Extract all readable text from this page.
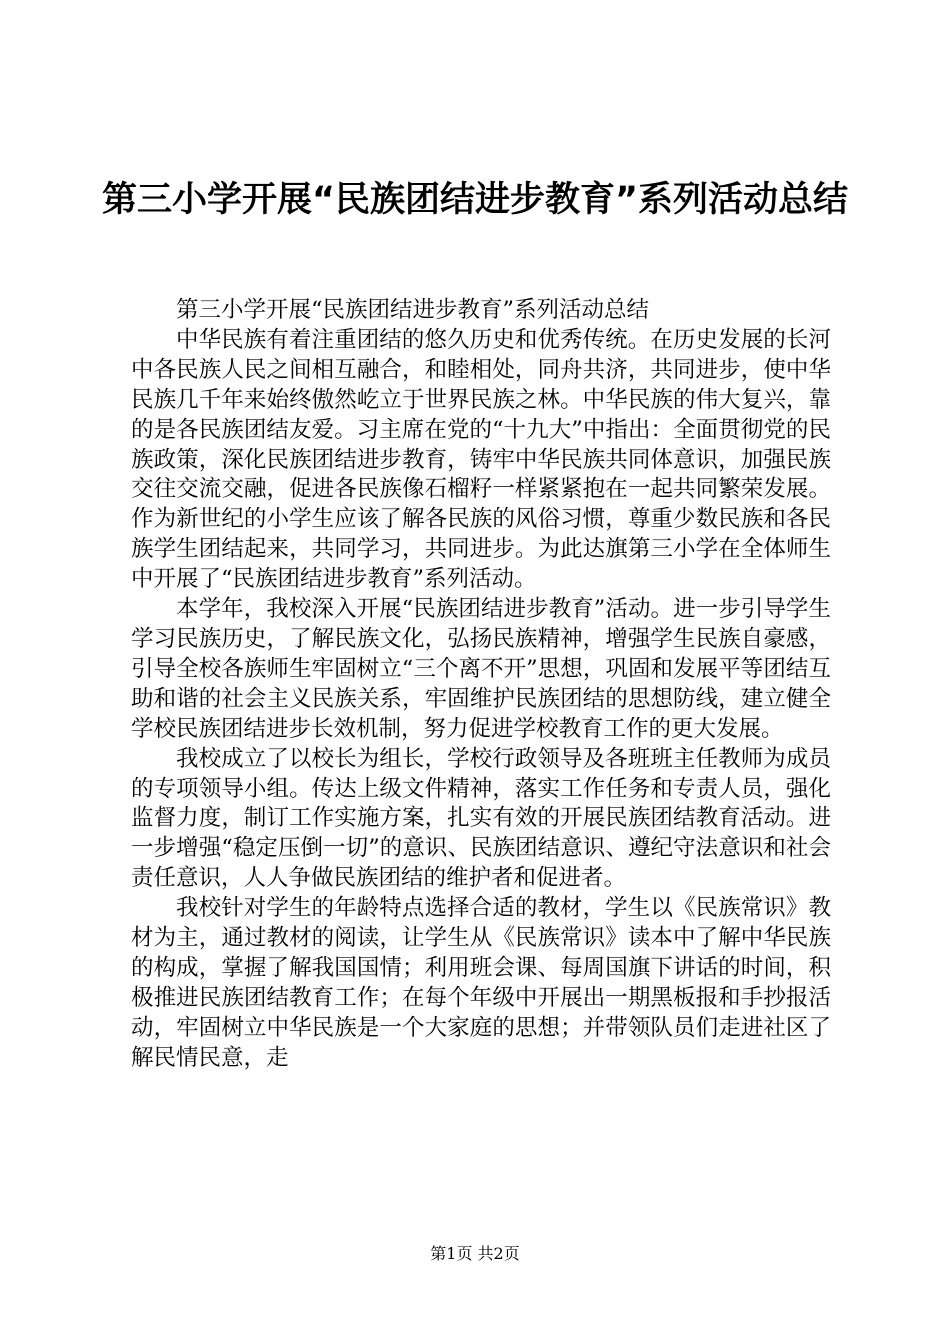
第三小学开展“民族团结进步教育”系列活动总结

第三小学开展“民族团结进步教育”系列活动总结

中华民族有着注重团结的悠久历史和优秀传统。在历史发展的长河中各民族人民之间相互融合，和睦相处，同舟共济，共同进步，使中华民族几千年来始终傲然屹立于世界民族之林。中华民族的伟大复兴，靠的是各民族团结友爱。习主席在党的“十九大”中指出：全面贯彻党的民族政策，深化民族团结进步教育，铸牢中华民族共同体意识，加强民族交往交流交融，促进各民族像石榴籽一样紧紧抱在一起共同繁荣发展。作为新世纪的小学生应该了解各民族的风俗习惯，尊重少数民族和各民族学生团结起来，共同学习，共同进步。为此达旗第三小学在全体师生中开展了“民族团结进步教育”系列活动。

本学年，我校深入开展“民族团结进步教育”活动。进一步引导学生学习民族历史，了解民族文化，弘扬民族精神，增强学生民族自豪感，引导全校各族师生牢固树立“三个离不开”思想，巩固和发展平等团结互助和谐的社会主义民族关系，牢固维护民族团结的思想防线，建立健全学校民族团结进步长效机制，努力促进学校教育工作的更大发展。

我校成立了以校长为组长，学校行政领导及各班班主任教师为成员的专项领导小组。传达上级文件精神，落实工作任务和专责人员，强化监督力度，制订工作实施方案，扎实有效的开展民族团结教育活动。进一步增强“稳定压倒一切”的意识、民族团结意识、遵纪守法意识和社会责任意识，人人争做民族团结的维护者和促进者。

我校针对学生的年龄特点选择合适的教材，学生以《民族常识》教材为主，通过教材的阅读，让学生从《民族常识》读本中了解中华民族的构成，掌握了解我国国情；利用班会课、每周国旗下讲话的时间，积极推进民族团结教育工作；在每个年级中开展出一期黑板报和手抄报活动，牢固树立中华民族是一个大家庭的思想；并带领队员们走进社区了解民情民意，走

第1页 共2页
